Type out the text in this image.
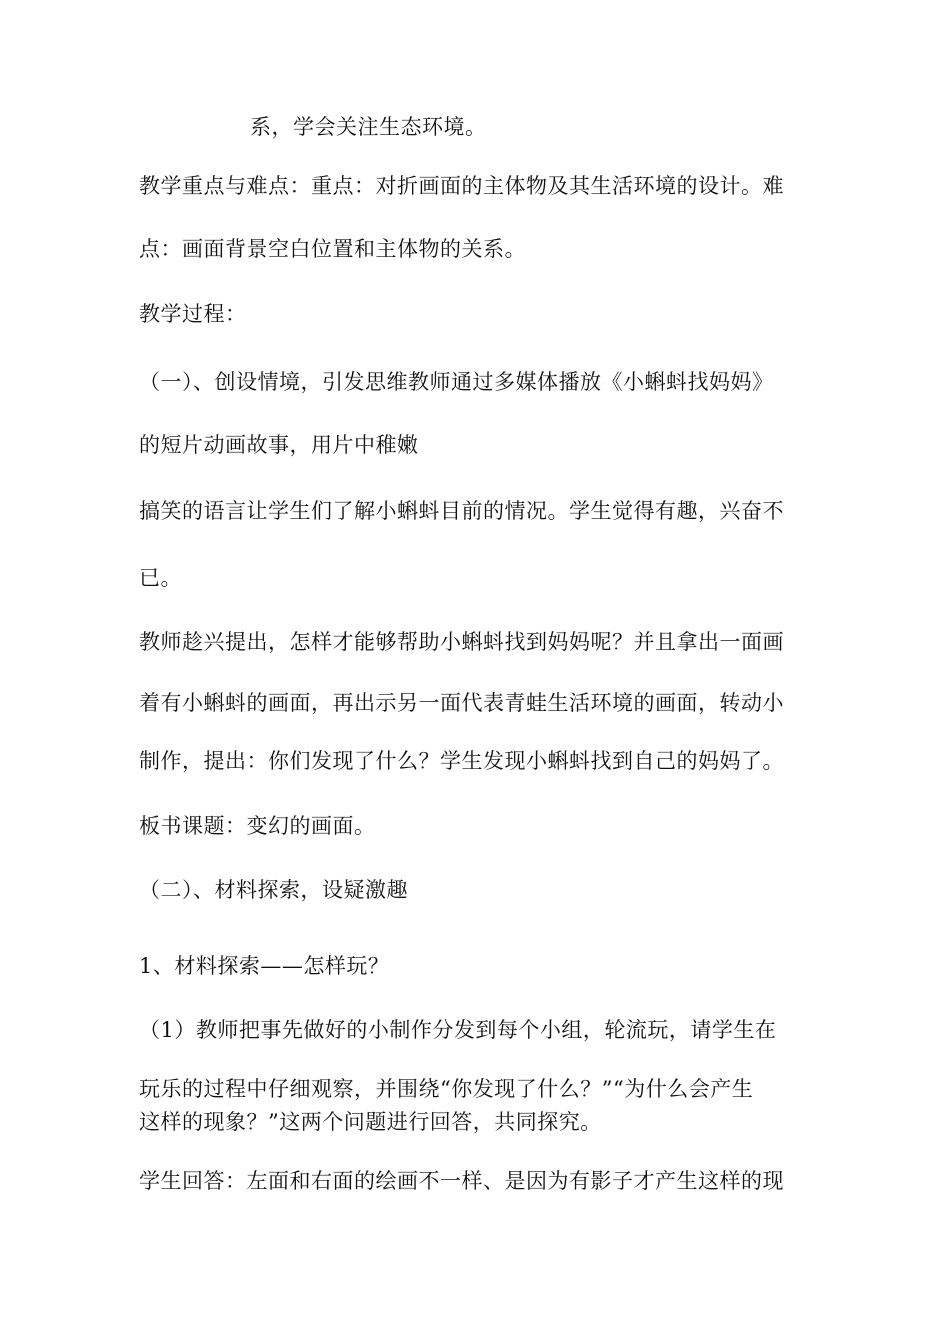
系，学会关注生态环境。
教学重点与难点：重点：对折画面的主体物及其生活环境的设计。难
点：画面背景空白位置和主体物的关系。
教学过程：
（一）、创设情境，引发思维教师通过多媒体播放《小蝌蚪找妈妈》
的短片动画故事，用片中稚嫩
搞笑的语言让学生们了解小蝌蚪目前的情况。学生觉得有趣，兴奋不
已。
教师趁兴提出，怎样才能够帮助小蝌蚪找到妈妈呢？并且拿出一面画
着有小蝌蚪的画面，再出示另一面代表青蛙生活环境的画面，转动小
制作，提出：你们发现了什么？学生发现小蝌蚪找到自己的妈妈了。
板书课题：变幻的画面。
（二）、材料探索，设疑激趣
1、材料探索——怎样玩？
（1）教师把事先做好的小制作分发到每个小组，轮流玩，请学生在
玩乐的过程中仔细观察，并围绕“你发现了什么？”“为什么会产生
这样的现象？”这两个问题进行回答，共同探究。
学生回答：左面和右面的绘画不一样、是因为有影子才产生这样的现
